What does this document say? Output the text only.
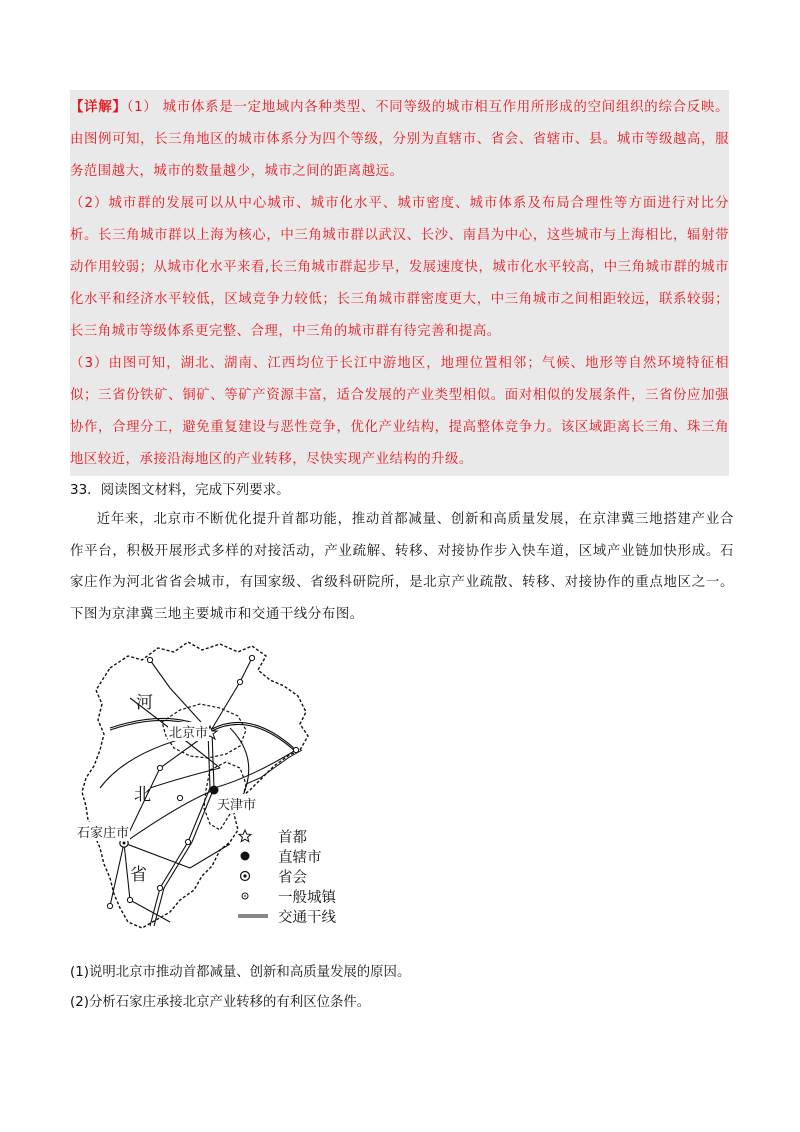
【详解】（1） 城市体系是一定地域内各种类型、不同等级的城市相互作用所形成的空间组织的综合反映。由图例可知，长三角地区的城市体系分为四个等级，分别为直辖市、省会、省辖市、县。城市等级越高，服务范围越大，城市的数量越少，城市之间的距离越远。

（2）城市群的发展可以从中心城市、城市化水平、城市密度、城市体系及布局合理性等方面进行对比分析。长三角城市群以上海为核心，中三角城市群以武汉、长沙、南昌为中心，这些城市与上海相比，辐射带动作用较弱；从城市化水平来看,长三角城市群起步早，发展速度快，城市化水平较高，中三角城市群的城市化水平和经济水平较低，区域竞争力较低；长三角城市群密度更大，中三角城市之间相距较远，联系较弱；长三角城市等级体系更完整、合理，中三角的城市群有待完善和提高。

（3）由图可知，湖北、湖南、江西均位于长江中游地区，地理位置相邻；气候、地形等自然环境特征相似；三省份铁矿、铜矿、等矿产资源丰富，适合发展的产业类型相似。面对相似的发展条件，三省份应加强协作，合理分工，避免重复建设与恶性竞争，优化产业结构，提高整体竞争力。该区域距离长三角、珠三角地区较近，承接沿海地区的产业转移，尽快实现产业结构的升级。

33．阅读图文材料，完成下列要求。

近年来，北京市不断优化提升首都功能，推动首都减量、创新和高质量发展，在京津冀三地搭建产业合作平台，积极开展形式多样的对接活动，产业疏解、转移、对接协作步入快车道，区域产业链加快形成。石家庄作为河北省省会城市，有国家级、省级科研院所，是北京产业疏散、转移、对接协作的重点地区之一。下图为京津冀三地主要城市和交通干线分布图。

河
北
省
北京市
天津市
石家庄市	首都
直辖市
省会
一般城镇
交通干线

(1)说明北京市推动首都减量、创新和高质量发展的原因。

(2)分析石家庄承接北京产业转移的有利区位条件。
